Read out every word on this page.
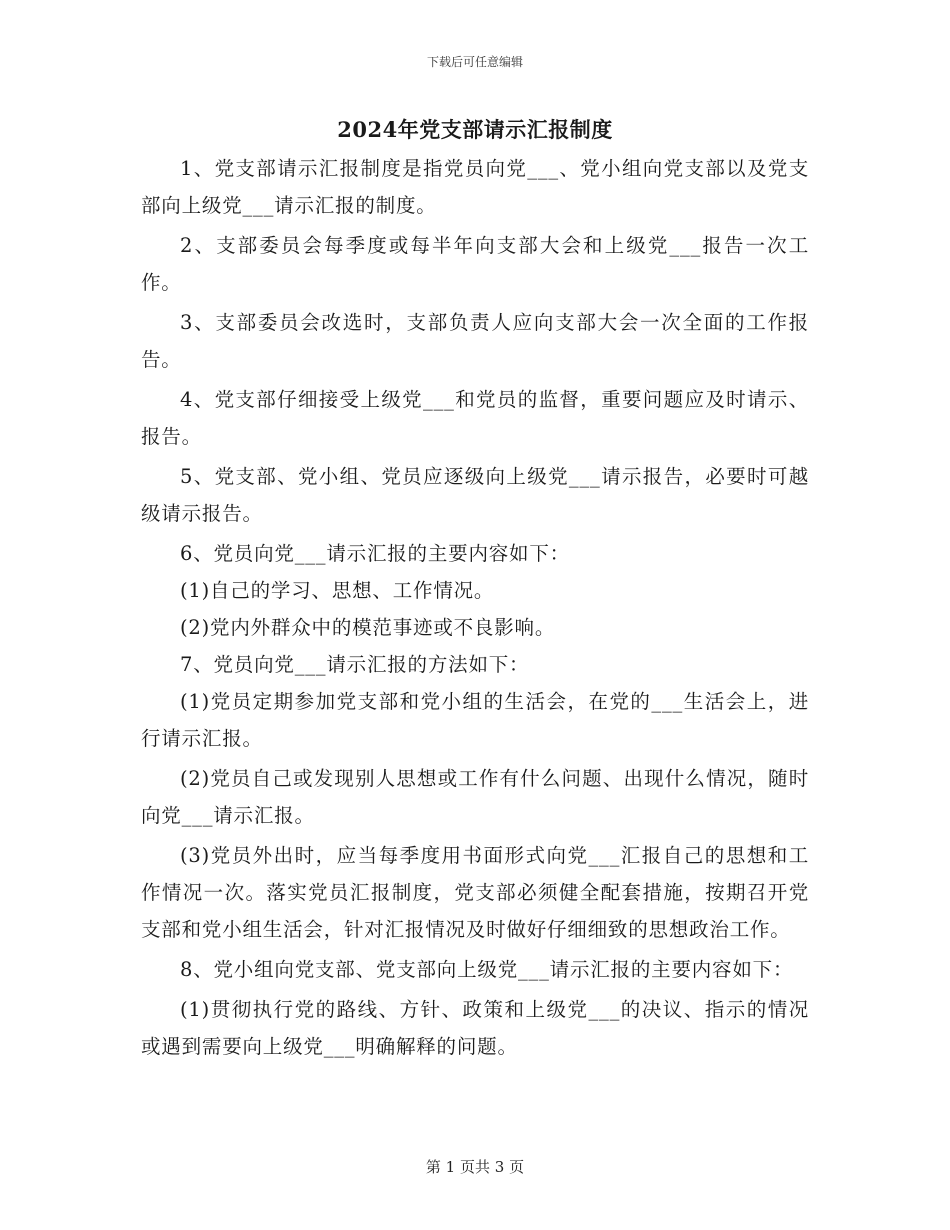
下载后可任意编辑
2024年党支部请示汇报制度

1、党支部请示汇报制度是指党员向党___、党小组向党支部以及党支部向上级党___请示汇报的制度。

2、支部委员会每季度或每半年向支部大会和上级党___报告一次工作。

3、支部委员会改选时，支部负责人应向支部大会一次全面的工作报告。

4、党支部仔细接受上级党___和党员的监督，重要问题应及时请示、报告。

5、党支部、党小组、党员应逐级向上级党___请示报告，必要时可越级请示报告。

6、党员向党___请示汇报的主要内容如下：

(1)自己的学习、思想、工作情况。

(2)党内外群众中的模范事迹或不良影响。

7、党员向党___请示汇报的方法如下：

(1)党员定期参加党支部和党小组的生活会，在党的___生活会上，进行请示汇报。

(2)党员自己或发现别人思想或工作有什么问题、出现什么情况，随时向党___请示汇报。

(3)党员外出时，应当每季度用书面形式向党___汇报自己的思想和工作情况一次。落实党员汇报制度，党支部必须健全配套措施，按期召开党支部和党小组生活会，针对汇报情况及时做好仔细细致的思想政治工作。

8、党小组向党支部、党支部向上级党___请示汇报的主要内容如下：

(1)贯彻执行党的路线、方针、政策和上级党___的决议、指示的情况或遇到需要向上级党___明确解释的问题。

第 1 页共 3 页
